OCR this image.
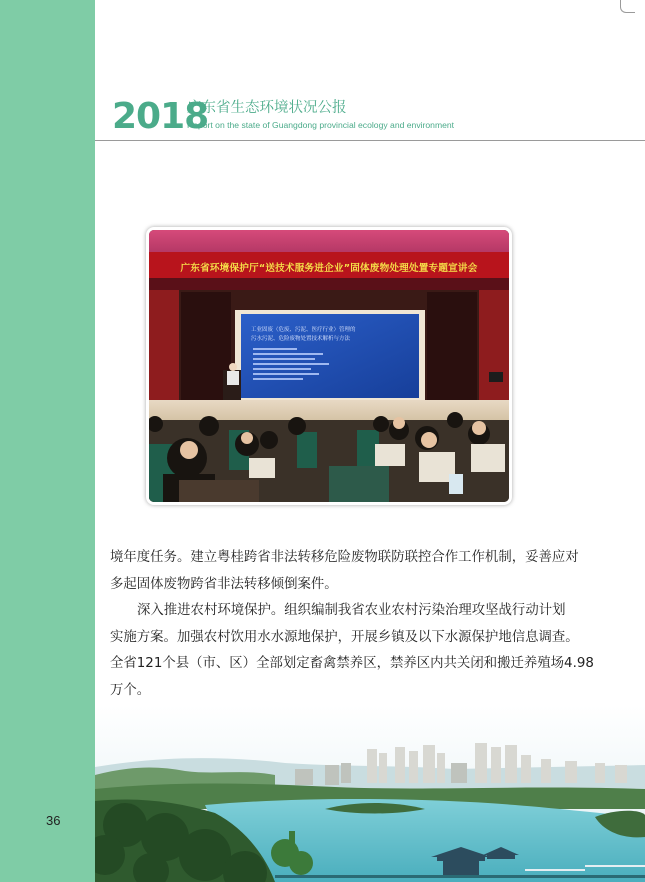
2018
广东省生态环境状况公报
Report on the state of Guangdong provincial ecology and environment
工业固废（危废、污泥、医疗行业）管理的
污水污泥、危险废物处置技术解析与方法
广东省环境保护厅“送技术服务进企业”固体废物处理处置专题宣讲会
境年度任务。建立粤桂跨省非法转移危险废物联防联控合作工作机制，妥善应对
多起固体废物跨省非法转移倾倒案件。
深入推进农村环境保护。组织编制我省农业农村污染治理攻坚战行动计划
实施方案。加强农村饮用水水源地保护，开展乡镇及以下水源保护地信息调查。
全省121个县（市、区）全部划定畜禽禁养区，禁养区内共关闭和搬迁养殖场4.98
万个。
36
